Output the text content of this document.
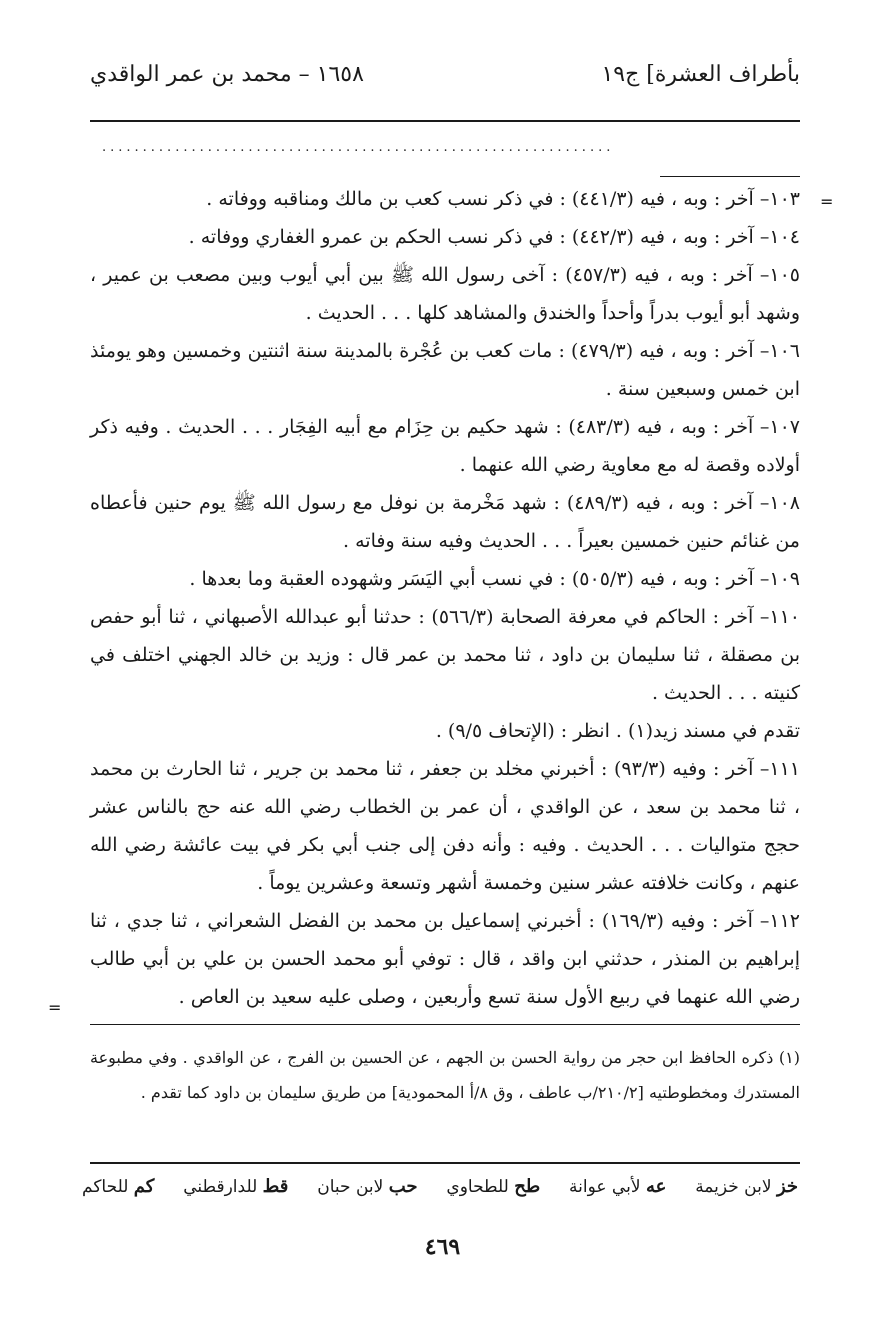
بأطراف العشرة] ج١٩
١٦٥٨ – محمد بن عمر الواقدي
...............................................................
=
=

١٠٣– آخر : وبه ، فيه (٤٤١/٣) : في ذكر نسب كعب بن مالك ومناقبه ووفاته .

١٠٤– آخر : وبه ، فيه (٤٤٢/٣) : في ذكر نسب الحكم بن عمرو الغفاري ووفاته .

١٠٥– آخر : وبه ، فيه (٤٥٧/٣) : آخى رسول الله ﷺ بين أبي أيوب وبين مصعب بن عمير ، وشهد أبو أيوب بدراً وأحداً والخندق والمشاهد كلها . . . الحديث .

١٠٦– آخر : وبه ، فيه (٤٧٩/٣) : مات كعب بن عُجْرة بالمدينة سنة اثنتين وخمسين وهو يومئذ ابن خمس وسبعين سنة .

١٠٧– آخر : وبه ، فيه (٤٨٣/٣) : شهد حكيم بن حِزَام مع أبيه الفِجَار . . . الحديث . وفيه ذكر أولاده وقصة له مع معاوية رضي الله عنهما .

١٠٨– آخر : وبه ، فيه (٤٨٩/٣) : شهد مَخْرمة بن نوفل مع رسول الله ﷺ يوم حنين فأعطاه من غنائم حنين خمسين بعيراً . . . الحديث وفيه سنة وفاته .

١٠٩– آخر : وبه ، فيه (٥٠٥/٣) : في نسب أبي اليَسَر وشهوده العقبة وما بعدها .

١١٠– آخر : الحاكم في معرفة الصحابة (٥٦٦/٣) : حدثنا أبو عبدالله الأصبهاني ، ثنا أبو حفص بن مصقلة ، ثنا سليمان بن داود ، ثنا محمد بن عمر قال : وزيد بن خالد الجهني اختلف في كنيته . . . الحديث .

تقدم في مسند زيد(١) . انظر : (الإتحاف ٩/٥) .

١١١– آخر : وفيه (٩٣/٣) : أخبرني مخلد بن جعفر ، ثنا محمد بن جرير ، ثنا الحارث بن محمد ، ثنا محمد بن سعد ، عن الواقدي ، أن عمر بن الخطاب رضي الله عنه حج بالناس عشر حجج متواليات . . . الحديث . وفيه : وأنه دفن إلى جنب أبي بكر في بيت عائشة رضي الله عنهم ، وكانت خلافته عشر سنين وخمسة أشهر وتسعة وعشرين يوماً .

١١٢– آخر : وفيه (١٦٩/٣) : أخبرني إسماعيل بن محمد بن الفضل الشعراني ، ثنا جدي ، ثنا إبراهيم بن المنذر ، حدثني ابن واقد ، قال : توفي أبو محمد الحسن بن علي بن أبي طالب رضي الله عنهما في ربيع الأول سنة تسع وأربعين ، وصلى عليه سعيد بن العاص .

(١) ذكره الحافظ ابن حجر من رواية الحسن بن الجهم ، عن الحسين بن الفرج ، عن الواقدي . وفي مطبوعة المستدرك ومخطوطتيه [٢١٠/٢/ب عاطف ، وق ٨/أ المحمودية] من طريق سليمان بن داود كما تقدم .
خز لابن خزيمة
عه لأبي عوانة
طح للطحاوي
حب لابن حبان
قط للدارقطني
كم للحاكم
٤٦٩
